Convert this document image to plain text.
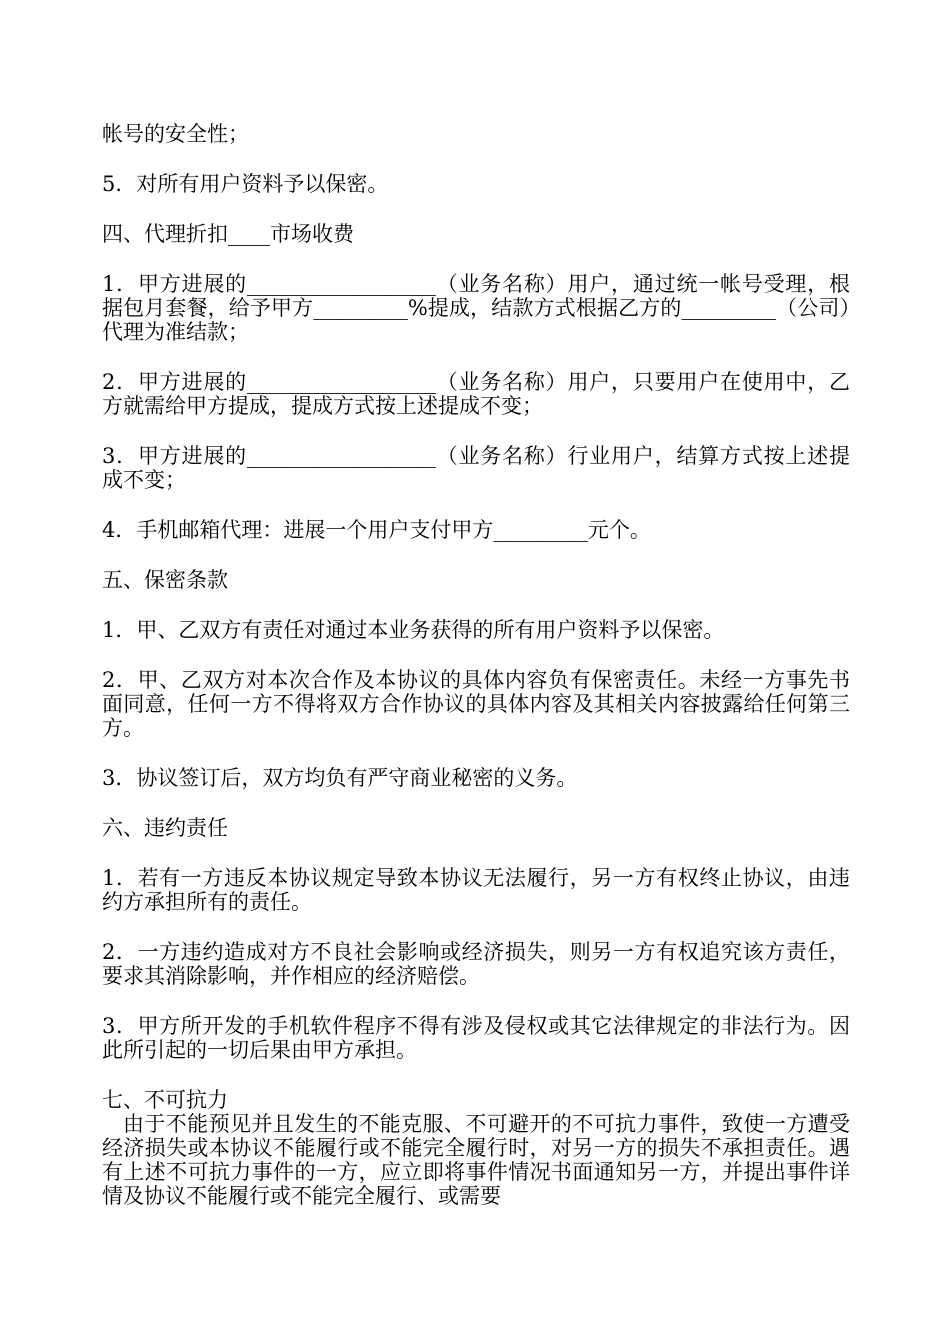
帐号的安全性；

5．对所有用户资料予以保密。

四、代理折扣____市场收费

1．甲方进展的__________________（业务名称）用户，通过统一帐号受理，根据包月套餐，给予甲方_________%提成，结款方式根据乙方的_________（公司）代理为准结款；

2．甲方进展的__________________（业务名称）用户，只要用户在使用中，乙方就需给甲方提成，提成方式按上述提成不变；

3．甲方进展的__________________（业务名称）行业用户，结算方式按上述提成不变；

4．手机邮箱代理：进展一个用户支付甲方_________元个。

五、保密条款

1．甲、乙双方有责任对通过本业务获得的所有用户资料予以保密。

2．甲、乙双方对本次合作及本协议的具体内容负有保密责任。未经一方事先书面同意，任何一方不得将双方合作协议的具体内容及其相关内容披露给任何第三方。

3．协议签订后，双方均负有严守商业秘密的义务。

六、违约责任

1．若有一方违反本协议规定导致本协议无法履行，另一方有权终止协议，由违约方承担所有的责任。

2．一方违约造成对方不良社会影响或经济损失，则另一方有权追究该方责任，要求其消除影响，并作相应的经济赔偿。

3．甲方所开发的手机软件程序不得有涉及侵权或其它法律规定的非法行为。因此所引起的一切后果由甲方承担。

七、不可抗力

由于不能预见并且发生的不能克服、不可避开的不可抗力事件，致使一方遭受经济损失或本协议不能履行或不能完全履行时，对另一方的损失不承担责任。遇有上述不可抗力事件的一方，应立即将事件情况书面通知另一方，并提出事件详情及协议不能履行或不能完全履行、或需要
